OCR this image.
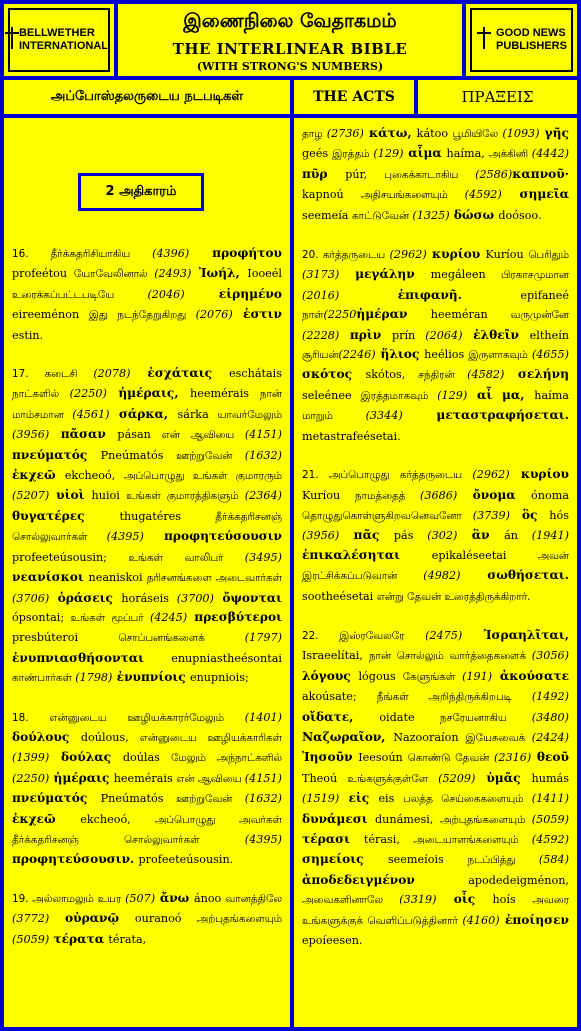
BELLWETHER
INTERNATIONAL
இணைநிலை வேதாகமம்
THE INTERLINEAR BIBLE
(WITH STRONG'S NUMBERS)
GOOD NEWS
PUBLISHERS
அப்போஸ்தலருடைய நடபடிகள்	THE ACTS	ΠΡΑΞΕΙΣ
2 அதிகாரம்

16. தீர்க்கதரிசியாகிய (4396) προφήτου profeétou யோவேலினால் (2493) Ἰωήλ, Iooeél உரைக்கப்பட்டபடியே (2046) εἰρημένο eireeménon இது நடந்தேறுகிறது (2076) ἐστιν estin.

17. கடைசி (2078) ἐσχάταις eschátais நாட்களில் (2250) ἡμέραις, heemérais நான் மாம்சமான (4561) σάρκα, sárka யாவர்மேலும் (3956) πᾶσαν pásan என் ஆவியை (4151) πνεύματός Pneúmatós ஊற்றுவேன் (1632) ἐκχεῶ ekcheoó, அப்பொழுது உங்கள் குமாரரும் (5207) υἱοὶ huioi உங்கள் குமாரத்திகளும் (2364) θυγατέρες thugatéres தீர்க்கதரிசனஞ் சொல்லுவார்கள் (4395) προφητεύσουσιν profeeteúsousin; உங்கள் வாலிபர் (3495) νεανίσκοι neaniskoi தரிசனங்களை அடைவார்கள் (3706) ὁράσεις horáseis (3700) ὄψονται ópsontai; உங்கள் மூப்பர் (4245) πρεσβύτεροι presbúteroi சொப்பனங்களைக் (1797) ἐνυπνιασθήσονται enupniastheésontai காண்பார்கள் (1798) ἐνυπνίοις enupniois;

18. என்னுடைய ஊழியக்காரர்மேலும் (1401) δούλους doúlous, என்னுடைய ஊழியக்காரிகள் (1399) δούλας doúlas மேலும் அந்நாட்களில் (2250) ἡμέραις heemérais என் ஆவியை (4151) πνεύματός Pneúmatós ஊற்றுவேன் (1632) ἐκχεῶ ekcheoó, அப்பொழுது அவர்கள் தீர்க்கதரிசனஞ் சொல்லுவார்கள் (4395) προφητεύσουσιν. profeeteúsousin.

19. அல்லாமலும் உயர (507) ἄνω ánoo வானத்திலே (3772) οὐρανῷ ouranoó அற்புதங்களையும் (5059) τέρατα térata,

தாழ (2736) κάτω, kátoo பூமியிலே (1093) γῆς geés இரத்தம் (129) αἷμα haíma, அக்கினி (4442) πῦρ púr, புகைக்காடாகிய (2586)καπνοῦ· kapnoú அதிசயங்களையும் (4592) σημεῖα seemeía காட்டுவேன் (1325) δώσω doósoo.

20. கர்த்தருடைய (2962) κυρίου Kuríou பெரிதும் (3173) μεγάλην megáleen பிரகாசமுமான (2016) ἐπιφανῆ. epifaneé நாள்(2250ἡμέραν heeméran வருமுன்னே (2228) πρὶν prín (2064) ἐλθεῖν eltheín சூரியன்(2246) ἥλιος heélios இருளாகவும் (4655) σκότος skótos, சந்திரன் (4582) σελήνη seleénee இரத்தமாகவும் (129) αἷ μα, haíma மாறும் (3344) μεταστραφήσεται. metastrafeésetai.

21. அப்பொழுது கர்த்தருடைய (2962) κυρίου Kuríou நாமத்தைத் (3686) ὄνομα ónoma தொழுதுகொள்ளுகிறவனெவனோ (3739) ὃς hós (3956) πᾶς pás (302) ἂν án (1941) ἐπικαλέσηται epikaléseetai அவன் இரட்சிக்கப்படுவான் (4982) σωθήσεται. sootheésetai என்று தேவன் உரைத்திருக்கிறார்.

22. இஸ்ரவேலரே (2475) Ἰσραηλῖται, Israeelítai, நான் சொல்லும் வார்த்தைகளைக் (3056) λόγους lógous கேளுங்கள் (191) ἀκούσατε akoúsate; நீங்கள் அறிந்திருக்கிறபடி (1492) οἴδατε, oidate நசரேயனாகிய (3480) Ναζωραῖον, Nazooraíon இயேசுவைக் (2424) Ἰησοῦν Ieesoún கொண்டு தேவன் (2316) θεοῦ Theoú உங்களுக்குள்ளே (5209) ὑμᾶς humás (1519) εἰς eis பலத்த செய்கைகளையும் (1411) δυνάμεσι dunámesi, அற்புதங்களையும் (5059) τέρασι térasi, அடையாளங்களையும் (4592) σημείοις seemeíois நடப்பித்து (584) ἀποδεδειγμένον apodedeigménon, அவைகளினாலே (3319) οἷς hoís அவரை உங்களுக்குக் வெளிப்படுத்தினார் (4160) ἐποίησεν epoíeesen.
